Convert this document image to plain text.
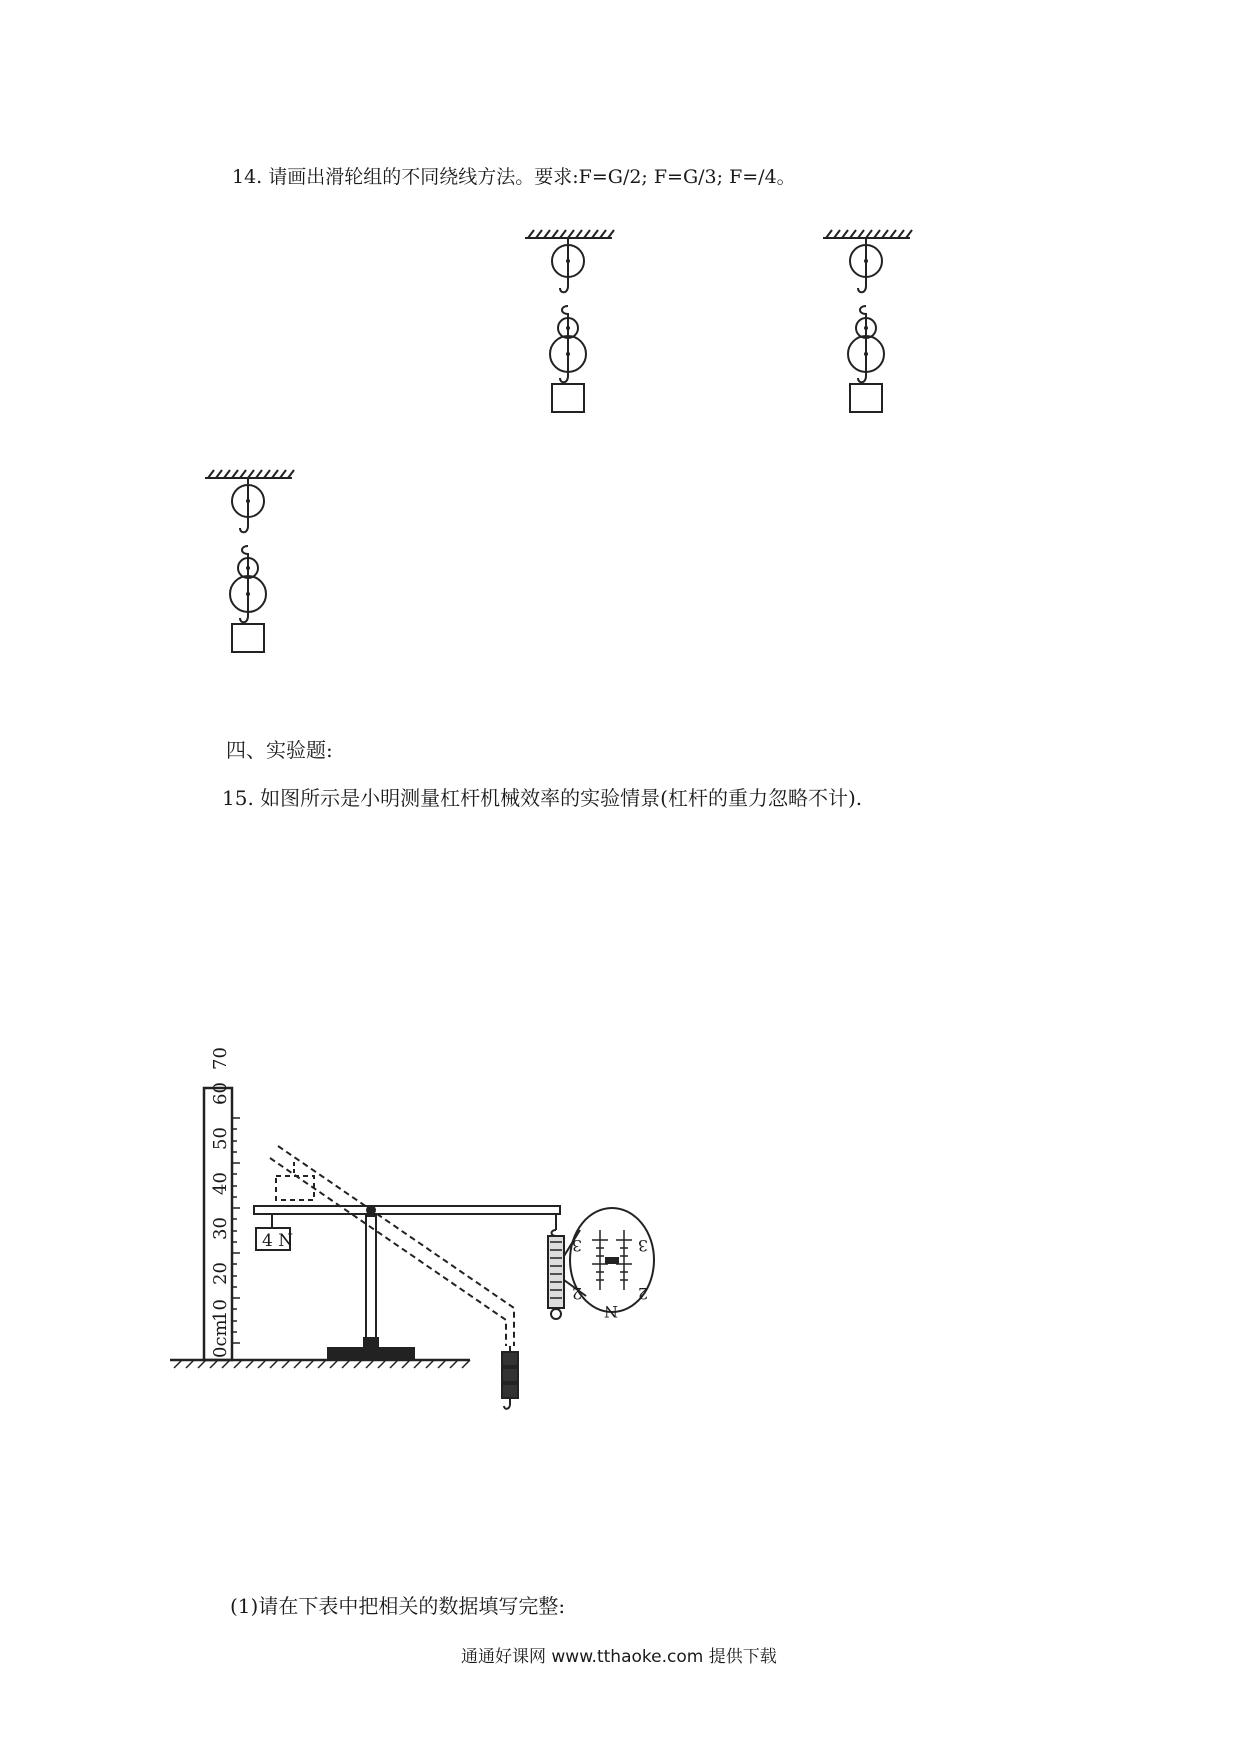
14. 请画出滑轮组的不同绕线方法。要求:F=G/2; F=G/3; F=/4。
四、实验题:
15. 如图所示是小明测量杠杆机械效率的实验情景(杠杆的重力忽略不计).
0cm
10
20
30
40
50
60
70
4 N	3
2
3
2
N
(1)请在下表中把相关的数据填写完整:
通通好课网 www.tthaoke.com 提供下载
